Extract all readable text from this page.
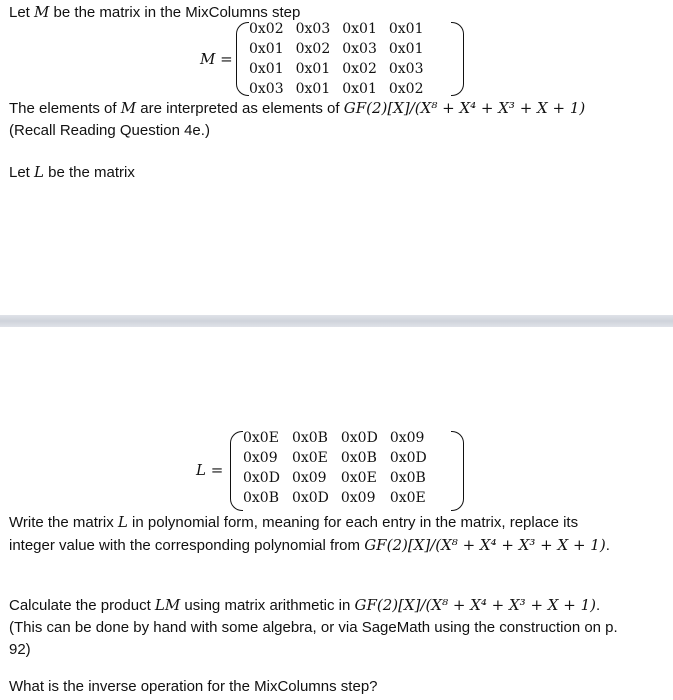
Let M be the matrix in the MixColumns step
M =
0x02 0x03 0x01 0x01
0x01 0x02 0x03 0x01
0x01 0x01 0x02 0x03
0x03 0x01 0x01 0x02
The elements of M are interpreted as elements of GF(2)[X]/(X⁸ + X⁴ + X³ + X + 1)
(Recall Reading Question 4e.)
Let L be the matrix
L =
0x0E 0x0B 0x0D 0x09
0x09 0x0E 0x0B 0x0D
0x0D 0x09 0x0E 0x0B
0x0B 0x0D 0x09 0x0E
Write the matrix L in polynomial form, meaning for each entry in the matrix, replace its integer value with the corresponding polynomial from GF(2)[X]/(X⁸ + X⁴ + X³ + X + 1).
Calculate the product LM using matrix arithmetic in GF(2)[X]/(X⁸ + X⁴ + X³ + X + 1). (This can be done by hand with some algebra, or via SageMath using the construction on p. 92)
What is the inverse operation for the MixColumns step?
